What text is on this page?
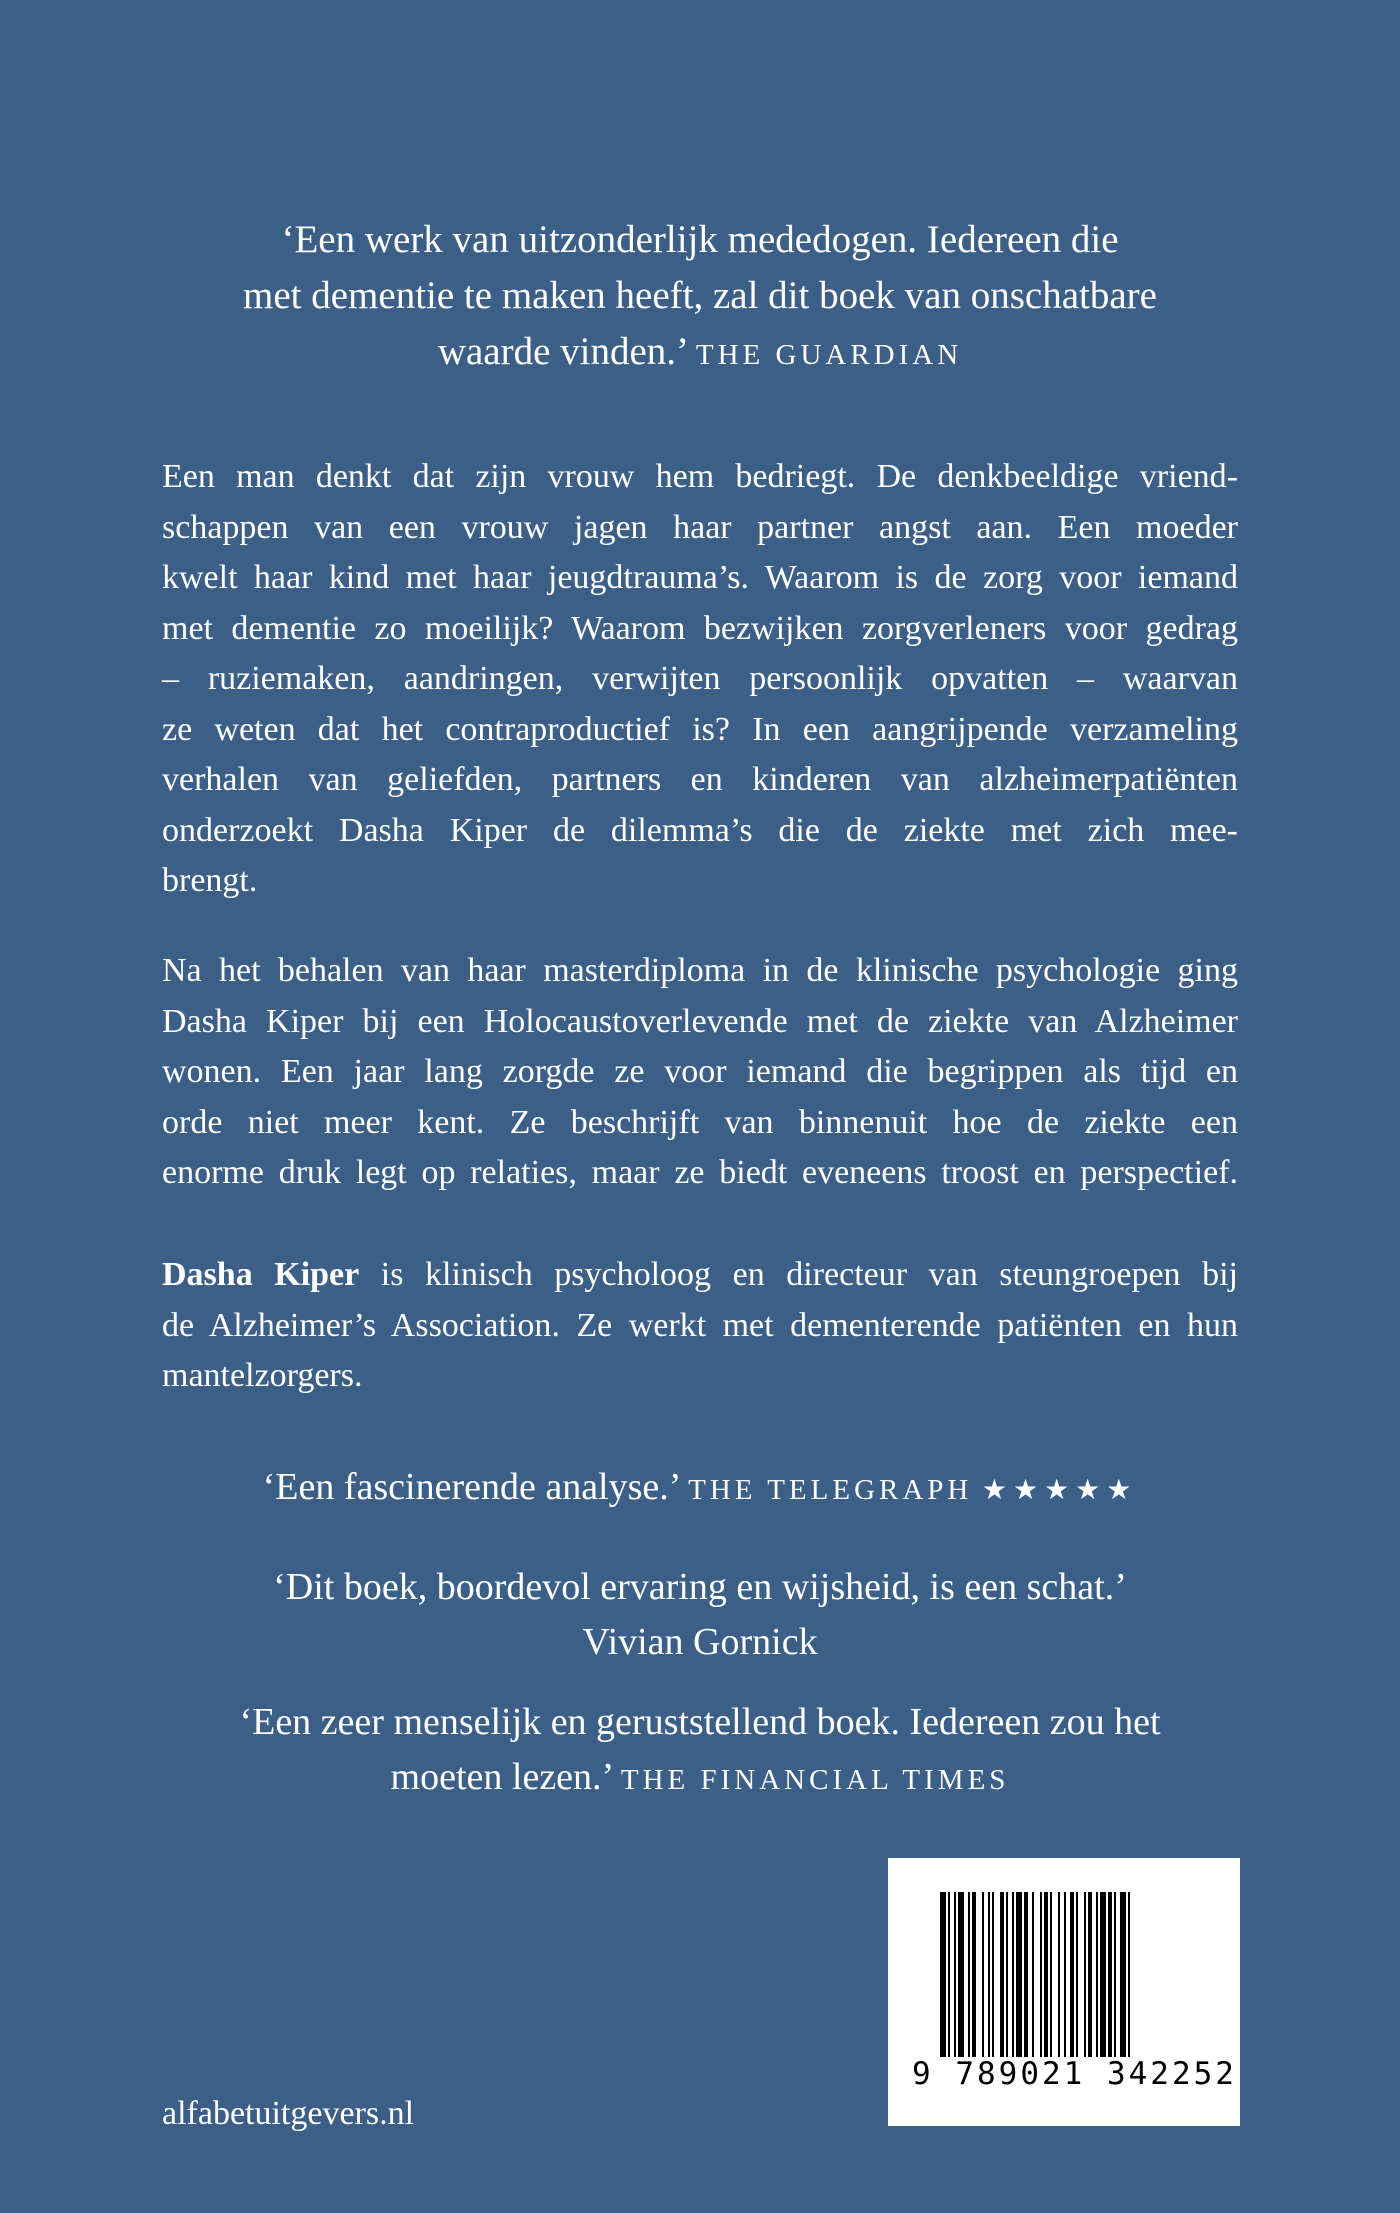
‘Een werk van uitzonderlijk mededogen. Iedereen die
met dementie te maken heeft, zal dit boek van onschatbare
waarde vinden.’ THE GUARDIAN
Een man denkt dat zijn vrouw hem bedriegt. De denkbeeldige vriend-
schappen van een vrouw jagen haar partner angst aan. Een moeder
kwelt haar kind met haar jeugdtrauma’s. Waarom is de zorg voor iemand
met dementie zo moeilijk? Waarom bezwijken zorgverleners voor gedrag
– ruziemaken, aandringen, verwijten persoonlijk opvatten – waarvan
ze weten dat het contraproductief is? In een aangrijpende verzameling
verhalen van geliefden, partners en kinderen van alzheimerpatiënten
onderzoekt Dasha Kiper de dilemma’s die de ziekte met zich mee-
brengt.
Na het behalen van haar masterdiploma in de klinische psychologie ging
Dasha Kiper bij een Holocaustoverlevende met de ziekte van Alzheimer
wonen. Een jaar lang zorgde ze voor iemand die begrippen als tijd en
orde niet meer kent. Ze beschrijft van binnenuit hoe de ziekte een
enorme druk legt op relaties, maar ze biedt eveneens troost en perspectief.
Dasha Kiper is klinisch psycholoog en directeur van steungroepen bij
de Alzheimer’s Association. Ze werkt met dementerende patiënten en hun
mantelzorgers.
‘Een fascinerende analyse.’ THE TELEGRAPH ★★★★★
‘Dit boek, boordevol ervaring en wijsheid, is een schat.’
Vivian Gornick
‘Een zeer menselijk en geruststellend boek. Iedereen zou het
moeten lezen.’ THE FINANCIAL TIMES
9 789021 342252
alfabetuitgevers.nl
